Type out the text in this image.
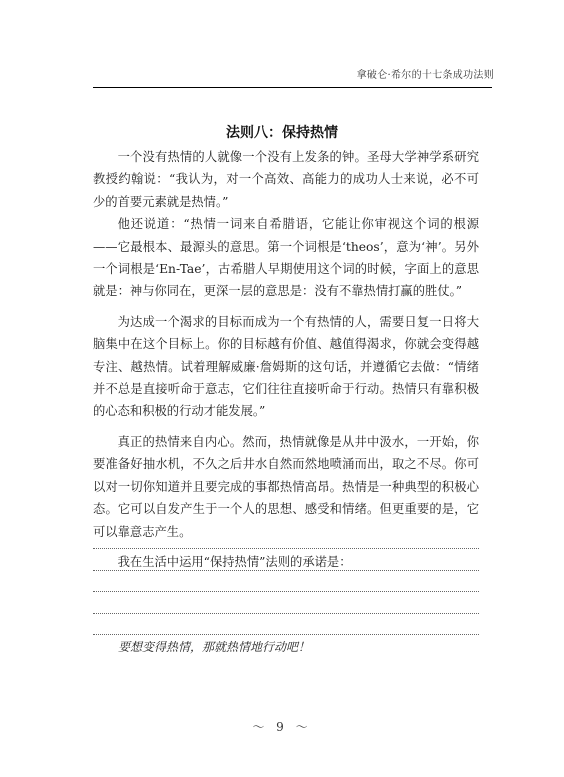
拿破仑·希尔的十七条成功法则
法则八：保持热情

一个没有热情的人就像一个没有上发条的钟。圣母大学神学系研究教授约翰说：“我认为，对一个高效、高能力的成功人士来说，必不可少的首要元素就是热情。”

他还说道：“热情一词来自希腊语，它能让你审视这个词的根源——它最根本、最源头的意思。第一个词根是‘theos’，意为‘神’。另外一个词根是‘En-Tae’，古希腊人早期使用这个词的时候，字面上的意思就是：神与你同在，更深一层的意思是：没有不靠热情打赢的胜仗。”

为达成一个渴求的目标而成为一个有热情的人，需要日复一日将大脑集中在这个目标上。你的目标越有价值、越值得渴求，你就会变得越专注、越热情。试着理解威廉·詹姆斯的这句话，并遵循它去做：“情绪并不总是直接听命于意志，它们往往直接听命于行动。热情只有靠积极的心态和积极的行动才能发展。”

真正的热情来自内心。然而，热情就像是从井中汲水，一开始，你要准备好抽水机，不久之后井水自然而然地喷涌而出，取之不尽。你可以对一切你知道并且要完成的事都热情高昂。热情是一种典型的积极心态。它可以自发产生于一个人的思想、感受和情绪。但更重要的是，它可以靠意志产生。

我在生活中运用“保持热情”法则的承诺是：

要想变得热情，那就热情地行动吧！
～ 9 ～
